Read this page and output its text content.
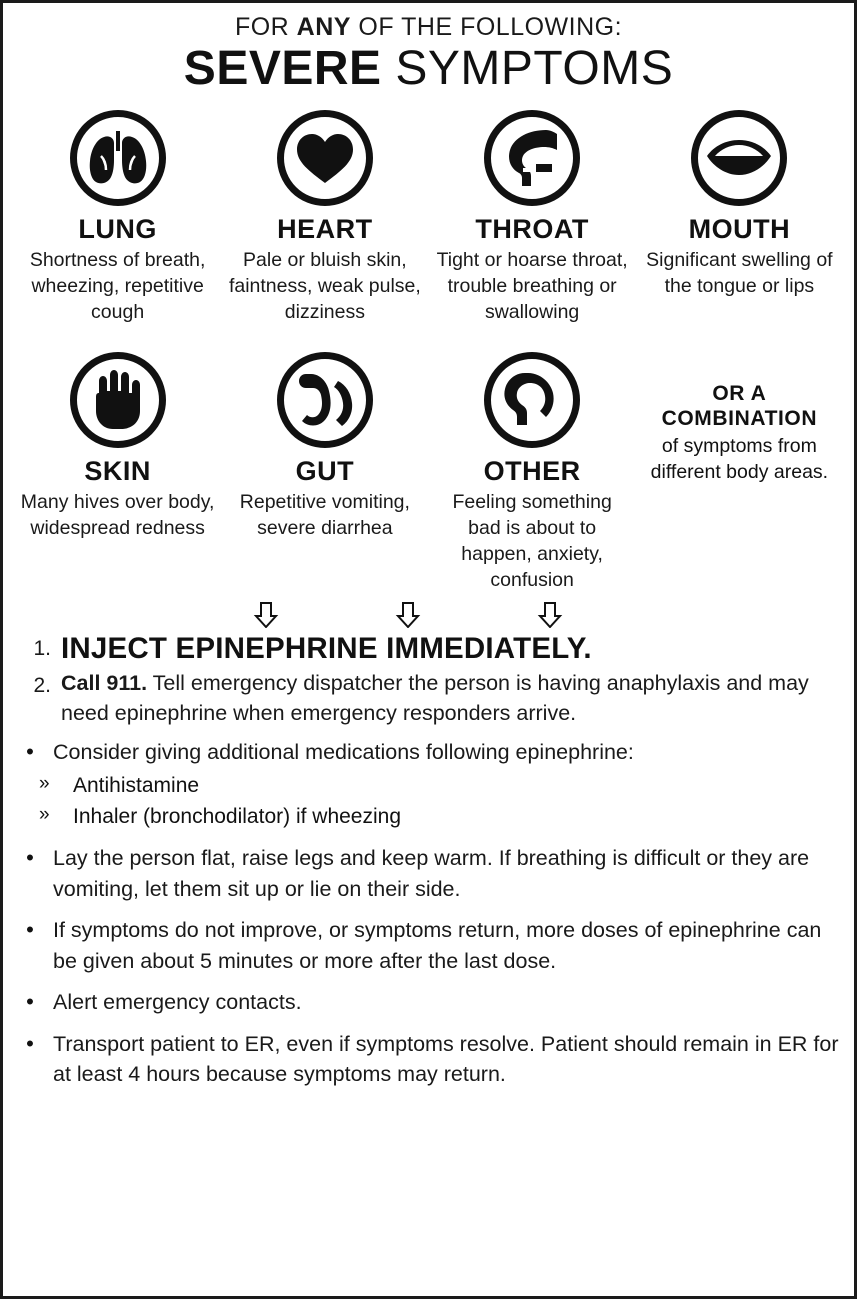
FOR ANY OF THE FOLLOWING:
SEVERE SYMPTOMS
LUNG

Shortness of breath, wheezing, repetitive cough

HEART

Pale or bluish skin, faintness, weak pulse, dizziness

THROAT

Tight or hoarse throat, trouble breathing or swallowing

MOUTH

Significant swelling of the tongue or lips

SKIN

Many hives over body, widespread redness

GUT

Repetitive vomiting, severe diarrhea

OTHER

Feeling something bad is about to happen, anxiety, confusion

OR A
COMBINATION

of symptoms from different body areas.

1. INJECT EPINEPHRINE IMMEDIATELY.
2. Call 911. Tell emergency dispatcher the person is having anaphylaxis and may need epinephrine when emergency responders arrive.
• Consider giving additional medications following epinephrine:
»	Antihistamine
»	Inhaler (bronchodilator) if wheezing
• Lay the person flat, raise legs and keep warm. If breathing is difficult or they are vomiting, let them sit up or lie on their side.
• If symptoms do not improve, or symptoms return, more doses of epinephrine can be given about 5 minutes or more after the last dose.
• Alert emergency contacts.
• Transport patient to ER, even if symptoms resolve. Patient should remain in ER for at least 4 hours because symptoms may return.
